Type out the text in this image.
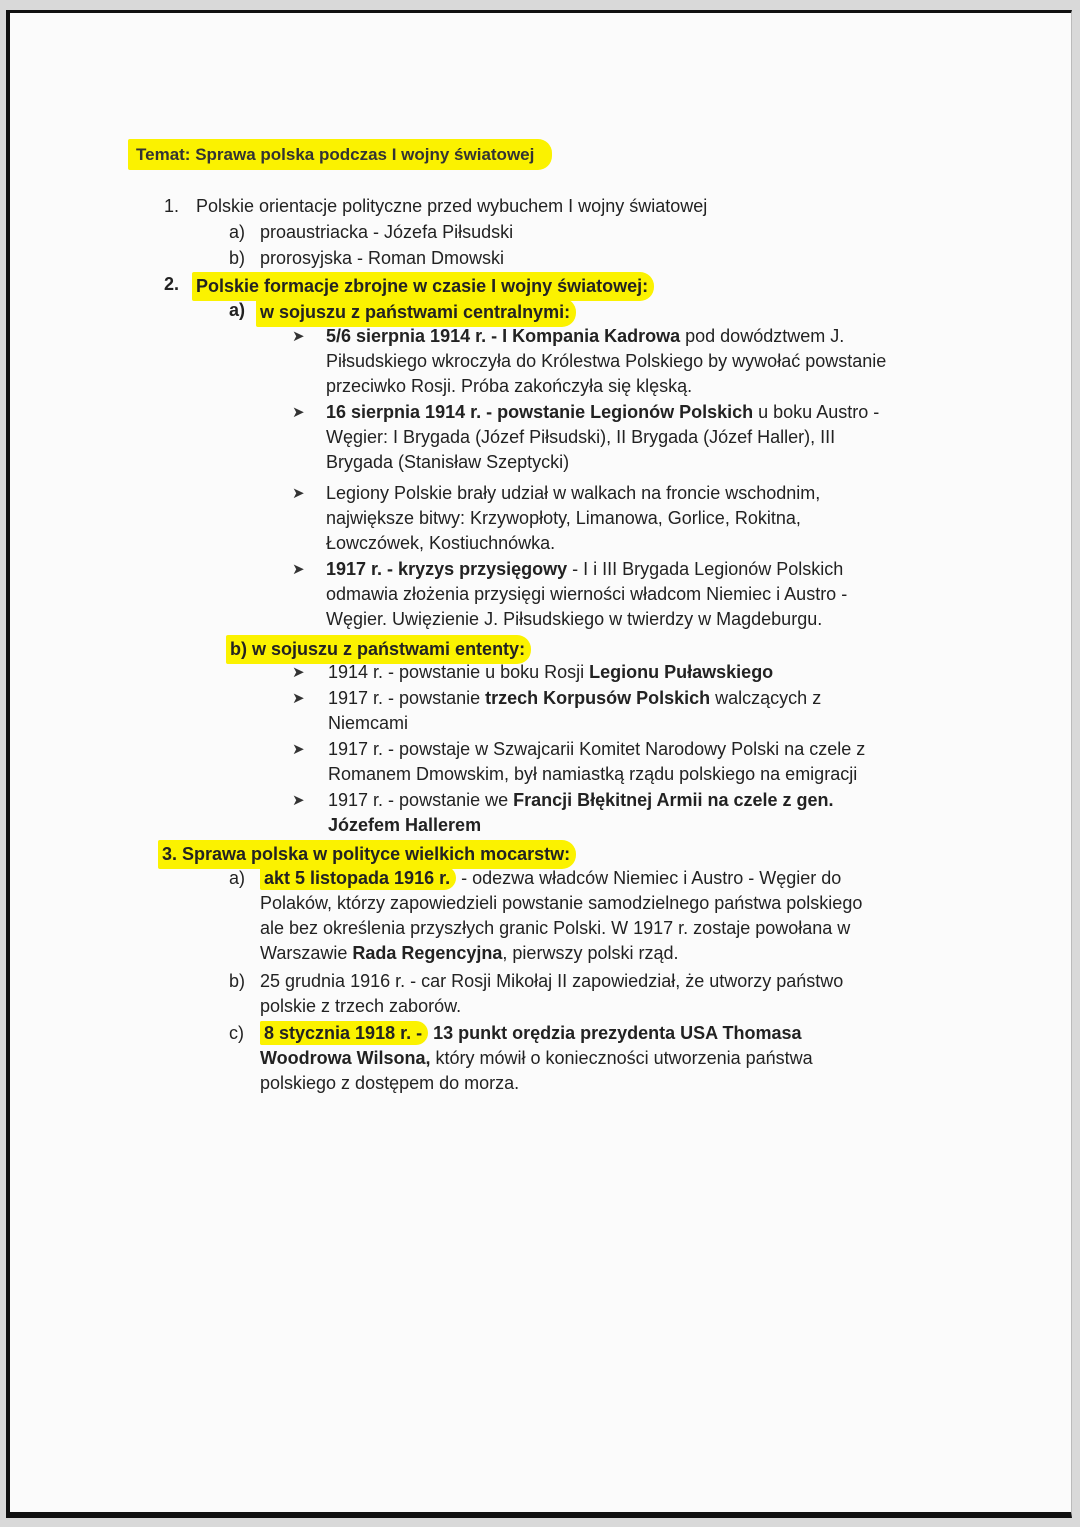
Temat: Sprawa polska podczas I wojny światowej
1. Polskie orientacje polityczne przed wybuchem I wojny światowej
a) proaustriacka - Józefa Piłsudski
b) prorosyjska - Roman Dmowski
2. Polskie formacje zbrojne w czasie I wojny światowej:
a) w sojuszu z państwami centralnymi:
➤ 5/6 sierpnia 1914 r. - I Kompania Kadrowa pod dowództwem J.
Piłsudskiego wkroczyła do Królestwa Polskiego by wywołać powstanie
przeciwko Rosji. Próba zakończyła się klęską.
➤ 16 sierpnia 1914 r. - powstanie Legionów Polskich u boku Austro -
Węgier: I Brygada (Józef Piłsudski), II Brygada (Józef Haller), III
Brygada (Stanisław Szeptycki)
➤ Legiony Polskie brały udział w walkach na froncie wschodnim,
największe bitwy: Krzywopłoty, Limanowa, Gorlice, Rokitna,
Łowczówek, Kostiuchnówka.
➤ 1917 r. - kryzys przysięgowy - I i III Brygada Legionów Polskich
odmawia złożenia przysięgi wierności władcom Niemiec i Austro -
Węgier. Uwięzienie J. Piłsudskiego w twierdzy w Magdeburgu.
b) w sojuszu z państwami ententy:
➤ 1914 r. - powstanie u boku Rosji Legionu Puławskiego
➤ 1917 r. - powstanie trzech Korpusów Polskich walczących z
Niemcami
➤ 1917 r. - powstaje w Szwajcarii Komitet Narodowy Polski na czele z
Romanem Dmowskim, był namiastką rządu polskiego na emigracji
➤ 1917 r. - powstanie we Francji Błękitnej Armii na czele z gen.
Józefem Hallerem
3. Sprawa polska w polityce wielkich mocarstw:
a) akt 5 listopada 1916 r. - odezwa władców Niemiec i Austro - Węgier do
Polaków, którzy zapowiedzieli powstanie samodzielnego państwa polskiego
ale bez określenia przyszłych granic Polski. W 1917 r. zostaje powołana w
Warszawie Rada Regencyjna, pierwszy polski rząd.
b) 25 grudnia 1916 r. - car Rosji Mikołaj II zapowiedział, że utworzy państwo
polskie z trzech zaborów.
c) 8 stycznia 1918 r. - 13 punkt orędzia prezydenta USA Thomasa
Woodrowa Wilsona, który mówił o konieczności utworzenia państwa
polskiego z dostępem do morza.
